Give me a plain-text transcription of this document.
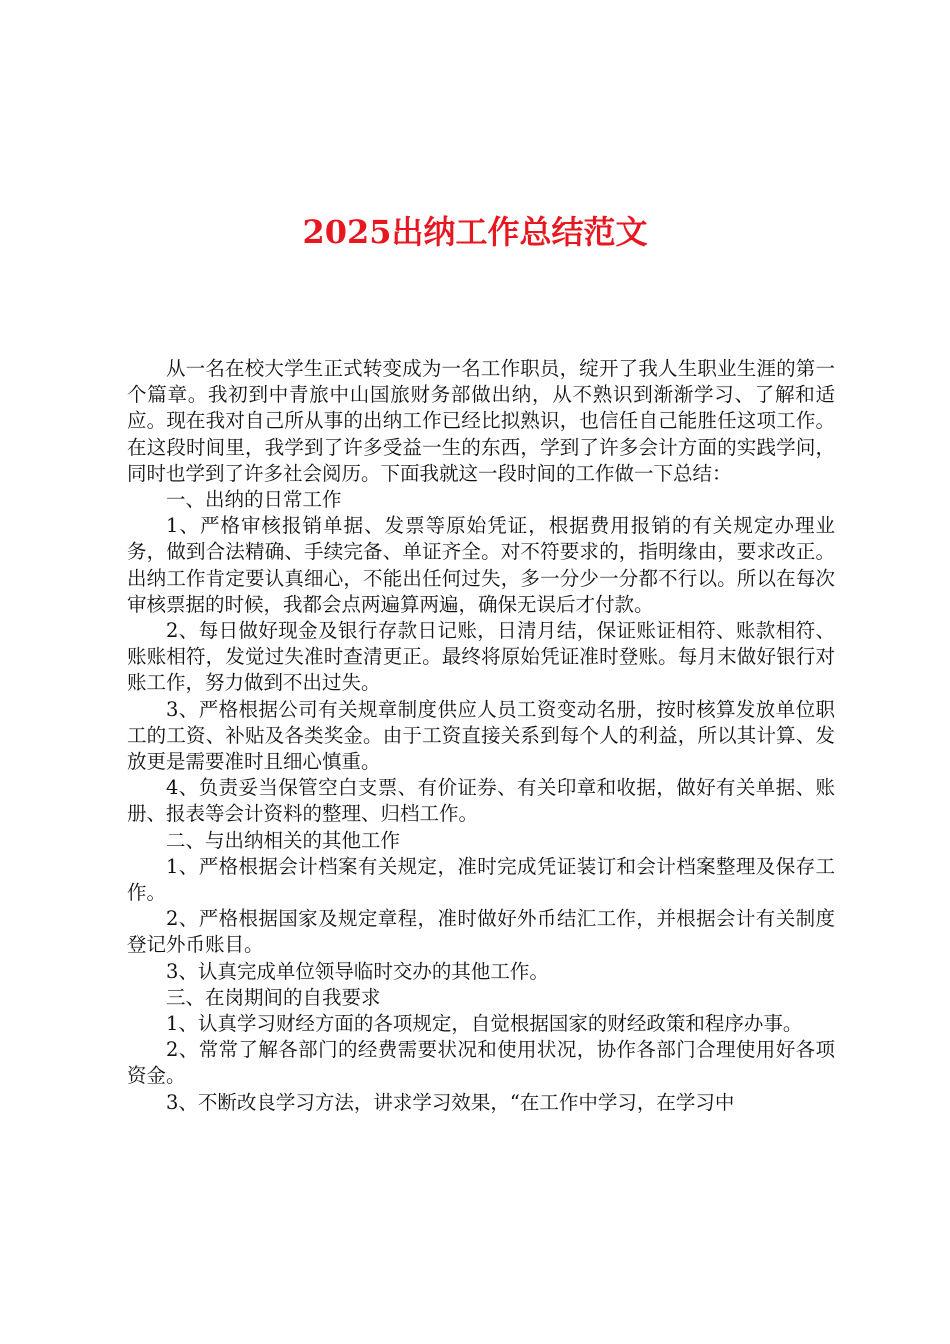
2025出纳工作总结范文

从一名在校大学生正式转变成为一名工作职员，绽开了我人生职业生涯的第一个篇章。我初到中青旅中山国旅财务部做出纳，从不熟识到渐渐学习、了解和适应。现在我对自己所从事的出纳工作已经比拟熟识，也信任自己能胜任这项工作。在这段时间里，我学到了许多受益一生的东西，学到了许多会计方面的实践学问，同时也学到了许多社会阅历。下面我就这一段时间的工作做一下总结：

一、出纳的日常工作

1、严格审核报销单据、发票等原始凭证，根据费用报销的有关规定办理业务，做到合法精确、手续完备、单证齐全。对不符要求的，指明缘由，要求改正。出纳工作肯定要认真细心，不能出任何过失，多一分少一分都不行以。所以在每次审核票据的时候，我都会点两遍算两遍，确保无误后才付款。

2、每日做好现金及银行存款日记账，日清月结，保证账证相符、账款相符、账账相符，发觉过失准时查清更正。最终将原始凭证准时登账。每月末做好银行对账工作，努力做到不出过失。

3、严格根据公司有关规章制度供应人员工资变动名册，按时核算发放单位职工的工资、补贴及各类奖金。由于工资直接关系到每个人的利益，所以其计算、发放更是需要准时且细心慎重。

4、负责妥当保管空白支票、有价证券、有关印章和收据，做好有关单据、账册、报表等会计资料的整理、归档工作。

二、与出纳相关的其他工作

1、严格根据会计档案有关规定，准时完成凭证装订和会计档案整理及保存工作。

2、严格根据国家及规定章程，准时做好外币结汇工作，并根据会计有关制度登记外币账目。

3、认真完成单位领导临时交办的其他工作。

三、在岗期间的自我要求

1、认真学习财经方面的各项规定，自觉根据国家的财经政策和程序办事。

2、常常了解各部门的经费需要状况和使用状况，协作各部门合理使用好各项资金。

3、不断改良学习方法，讲求学习效果，“在工作中学习，在学习中
